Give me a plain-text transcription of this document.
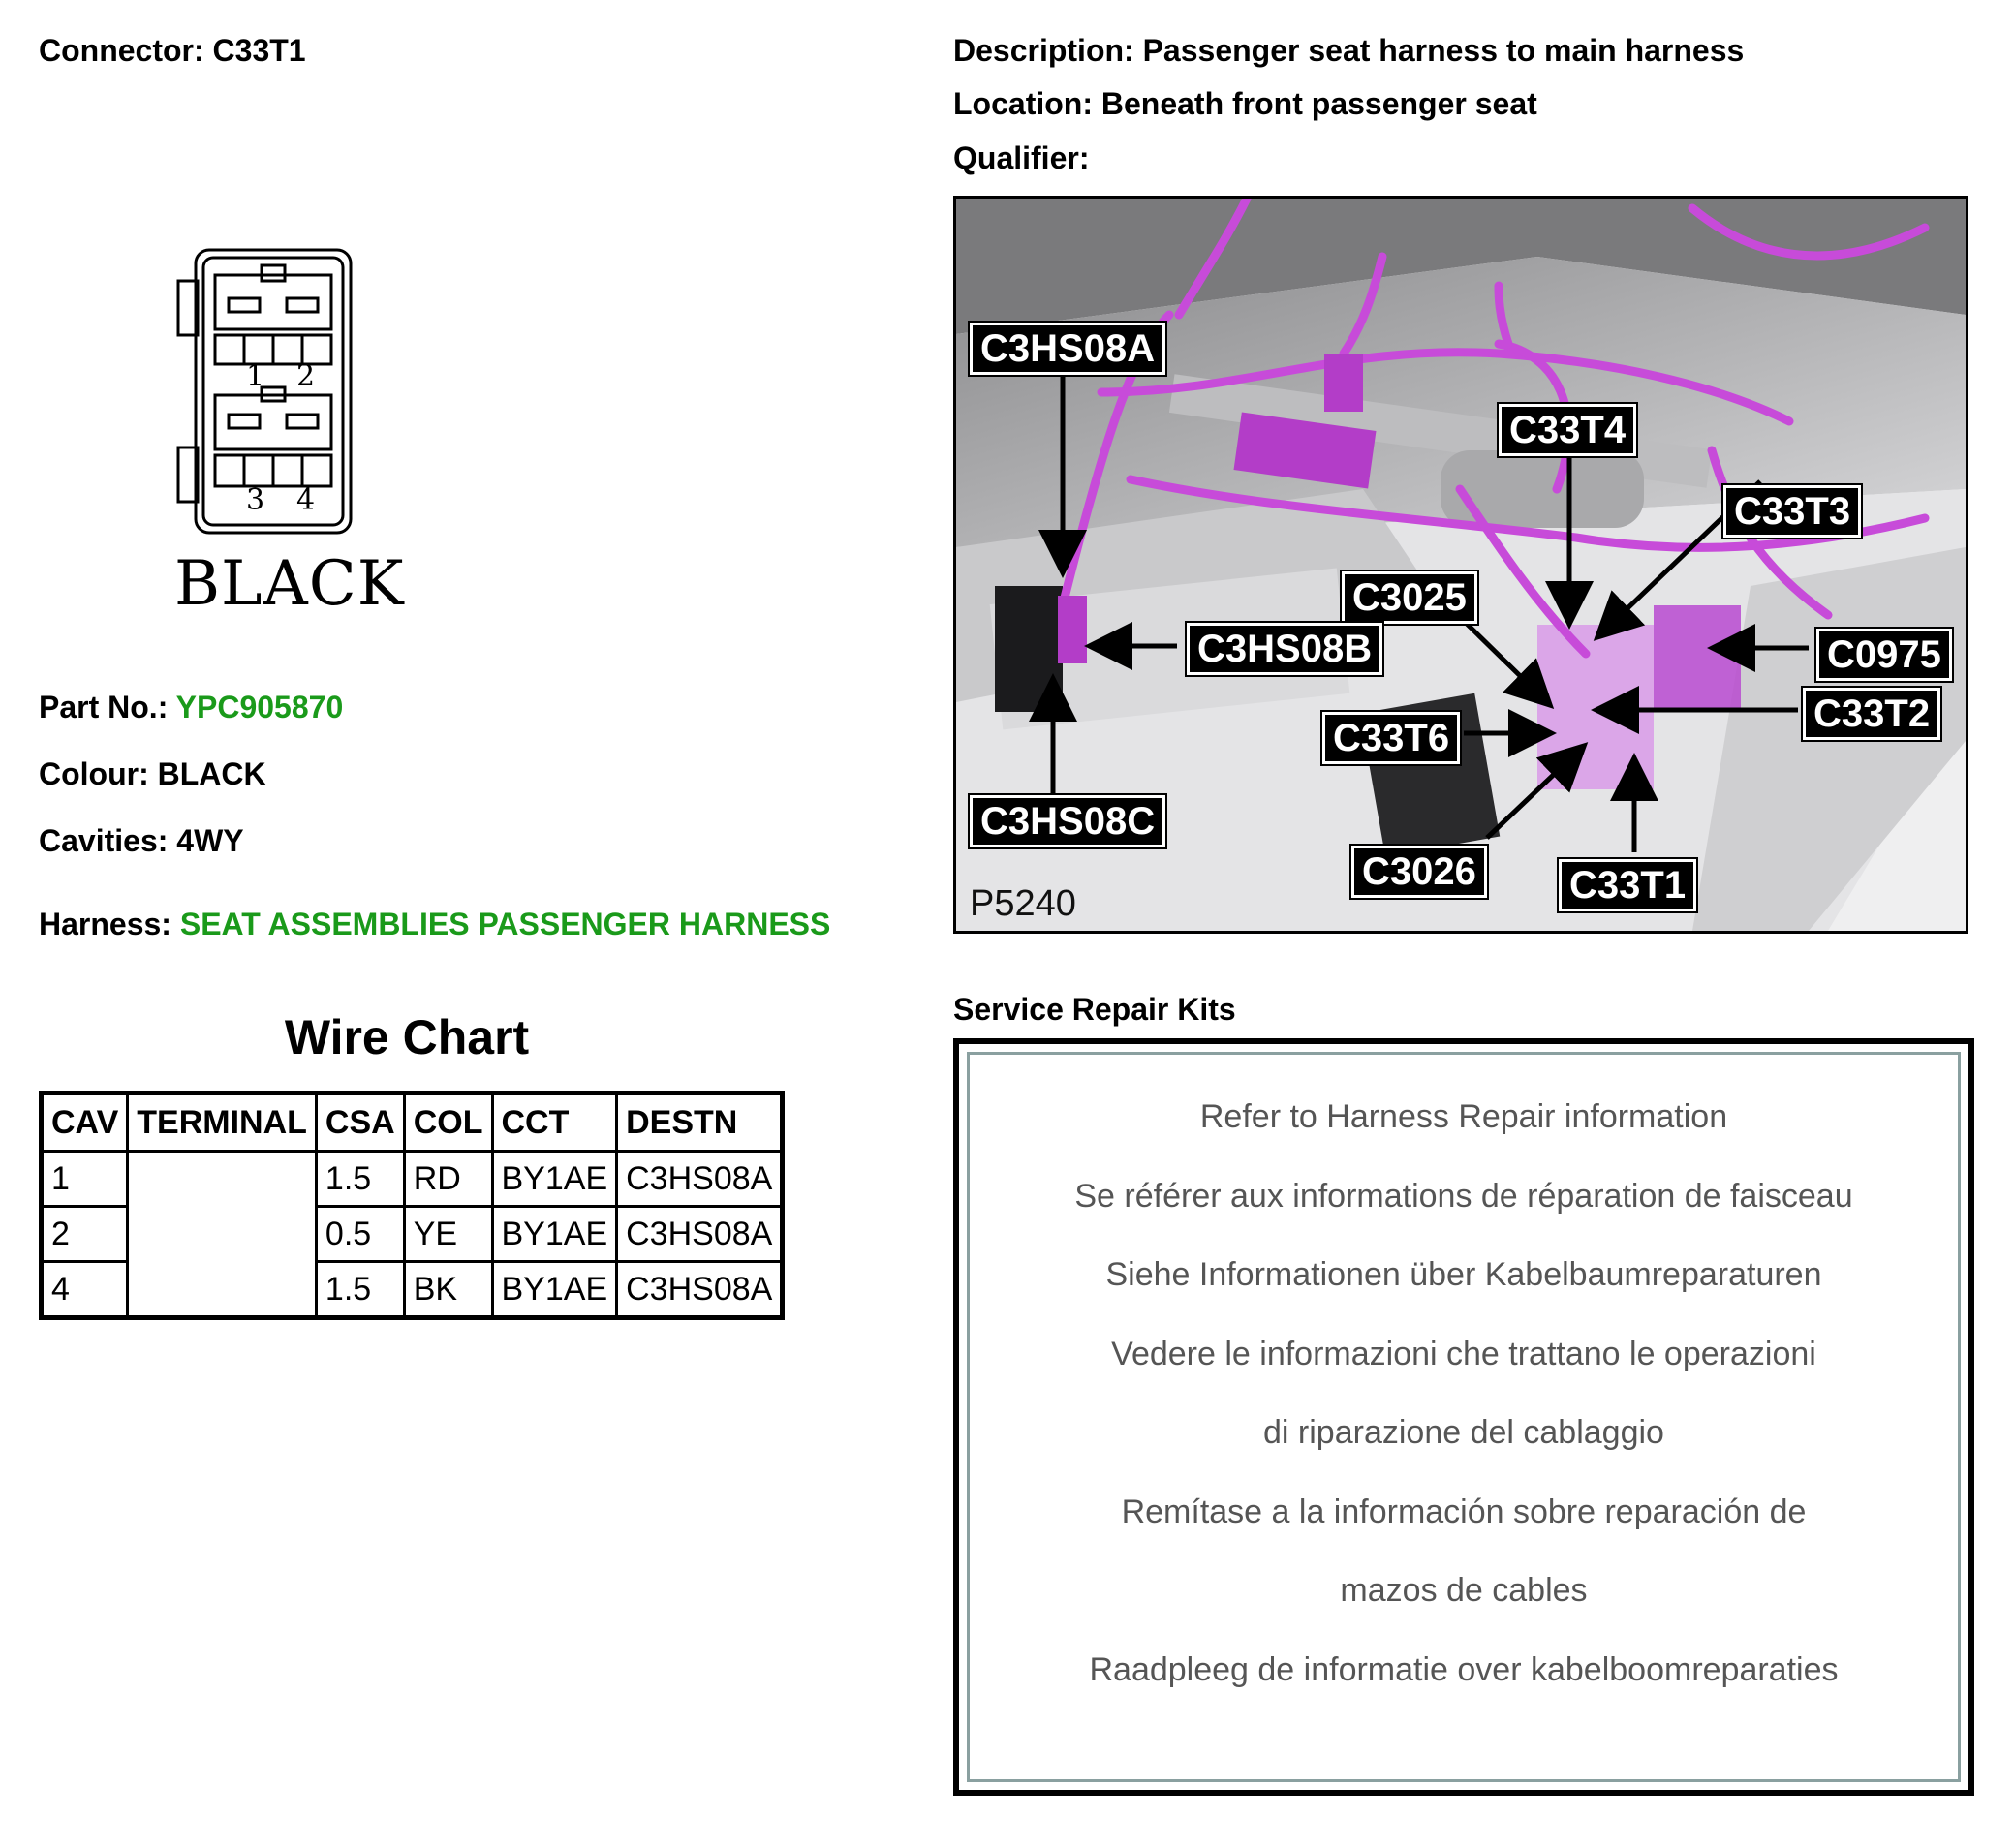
Connector: C33T1	Description: Passenger seat harness to main harness
Location: Beneath front passenger seat
Qualifier:
1 2
3 4
BLACK
Part No.: YPC905870
Colour: BLACK
Cavities: 4WY
Harness: SEAT ASSEMBLIES PASSENGER HARNESS
Wire Chart
CAV	TERMINAL	CSA	COL	CCT	DESTN
1		1.5	RD	BY1AE	C3HS08A
2		0.5	YE	BY1AE	C3HS08A
4		1.5	BK	BY1AE	C3HS08A
C3HS08A
C33T4
C33T3
C3025
C3HS08B	C0975
C33T2
C33T6
C3HS08C
C3026 C33T1
P5240
Service Repair Kits
Refer to Harness Repair information
Se référer aux informations de réparation de faisceau
Siehe Informationen über Kabelbaumreparaturen
Vedere le informazioni che trattano le operazioni
di riparazione del cablaggio
Remítase a la información sobre reparación de
mazos de cables
Raadpleeg de informatie over kabelboomreparaties
